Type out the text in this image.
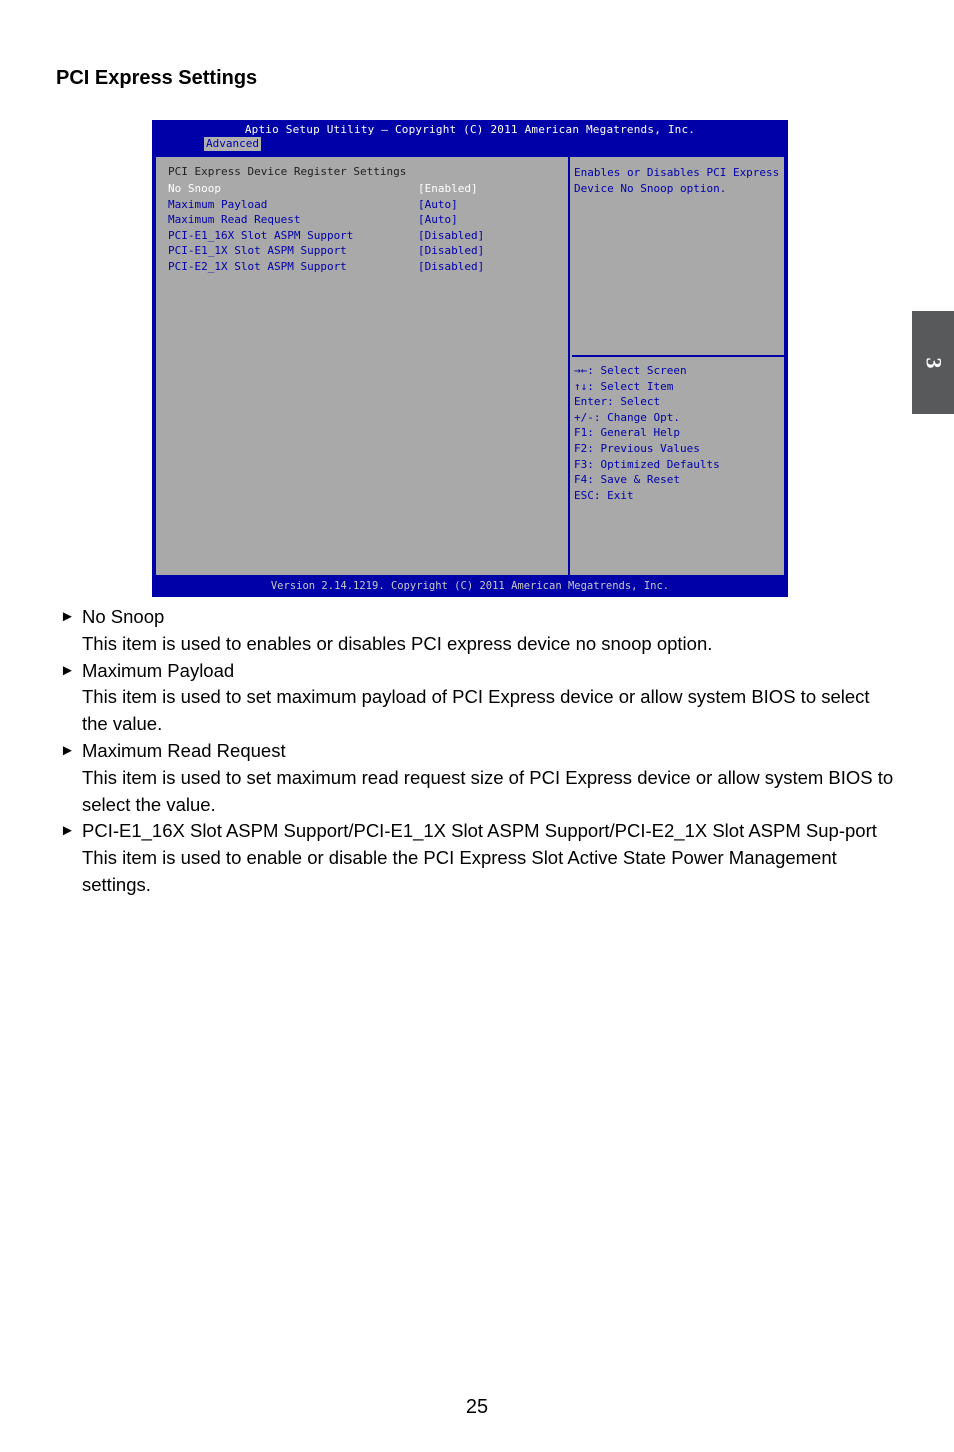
PCI Express Settings
3
Aptio Setup Utility – Copyright (C) 2011 American Megatrends, Inc.
Advanced
PCI Express Device Register Settings
No Snoop	[Enabled]
Maximum Payload	[Auto]
Maximum Read Request	[Auto]
PCI-E1_16X Slot ASPM Support	[Disabled]
PCI-E1_1X Slot ASPM Support	[Disabled]
PCI-E2_1X Slot ASPM Support	[Disabled]
Enables or Disables PCI Express Device No Snoop option.
→←: Select Screen
↑↓: Select Item
Enter: Select
+/-: Change Opt.
F1: General Help
F2: Previous Values
F3: Optimized Defaults
F4: Save & Reset
ESC: Exit
Version 2.14.1219. Copyright (C) 2011 American Megatrends, Inc.
► No Snoop
This item is used to enables or disables PCI express device no snoop option.
► Maximum Payload
This item is used to set maximum payload of PCI Express device or allow system BIOS to select the value.
► Maximum Read Request
This item is used to set maximum read request size of PCI Express device or allow system BIOS to select the value.
► PCI-E1_16X Slot ASPM Support/PCI-E1_1X Slot ASPM Support/PCI-E2_1X Slot ASPM Sup-port
This item is used to enable or disable the PCI Express Slot Active State Power Management settings.
25
